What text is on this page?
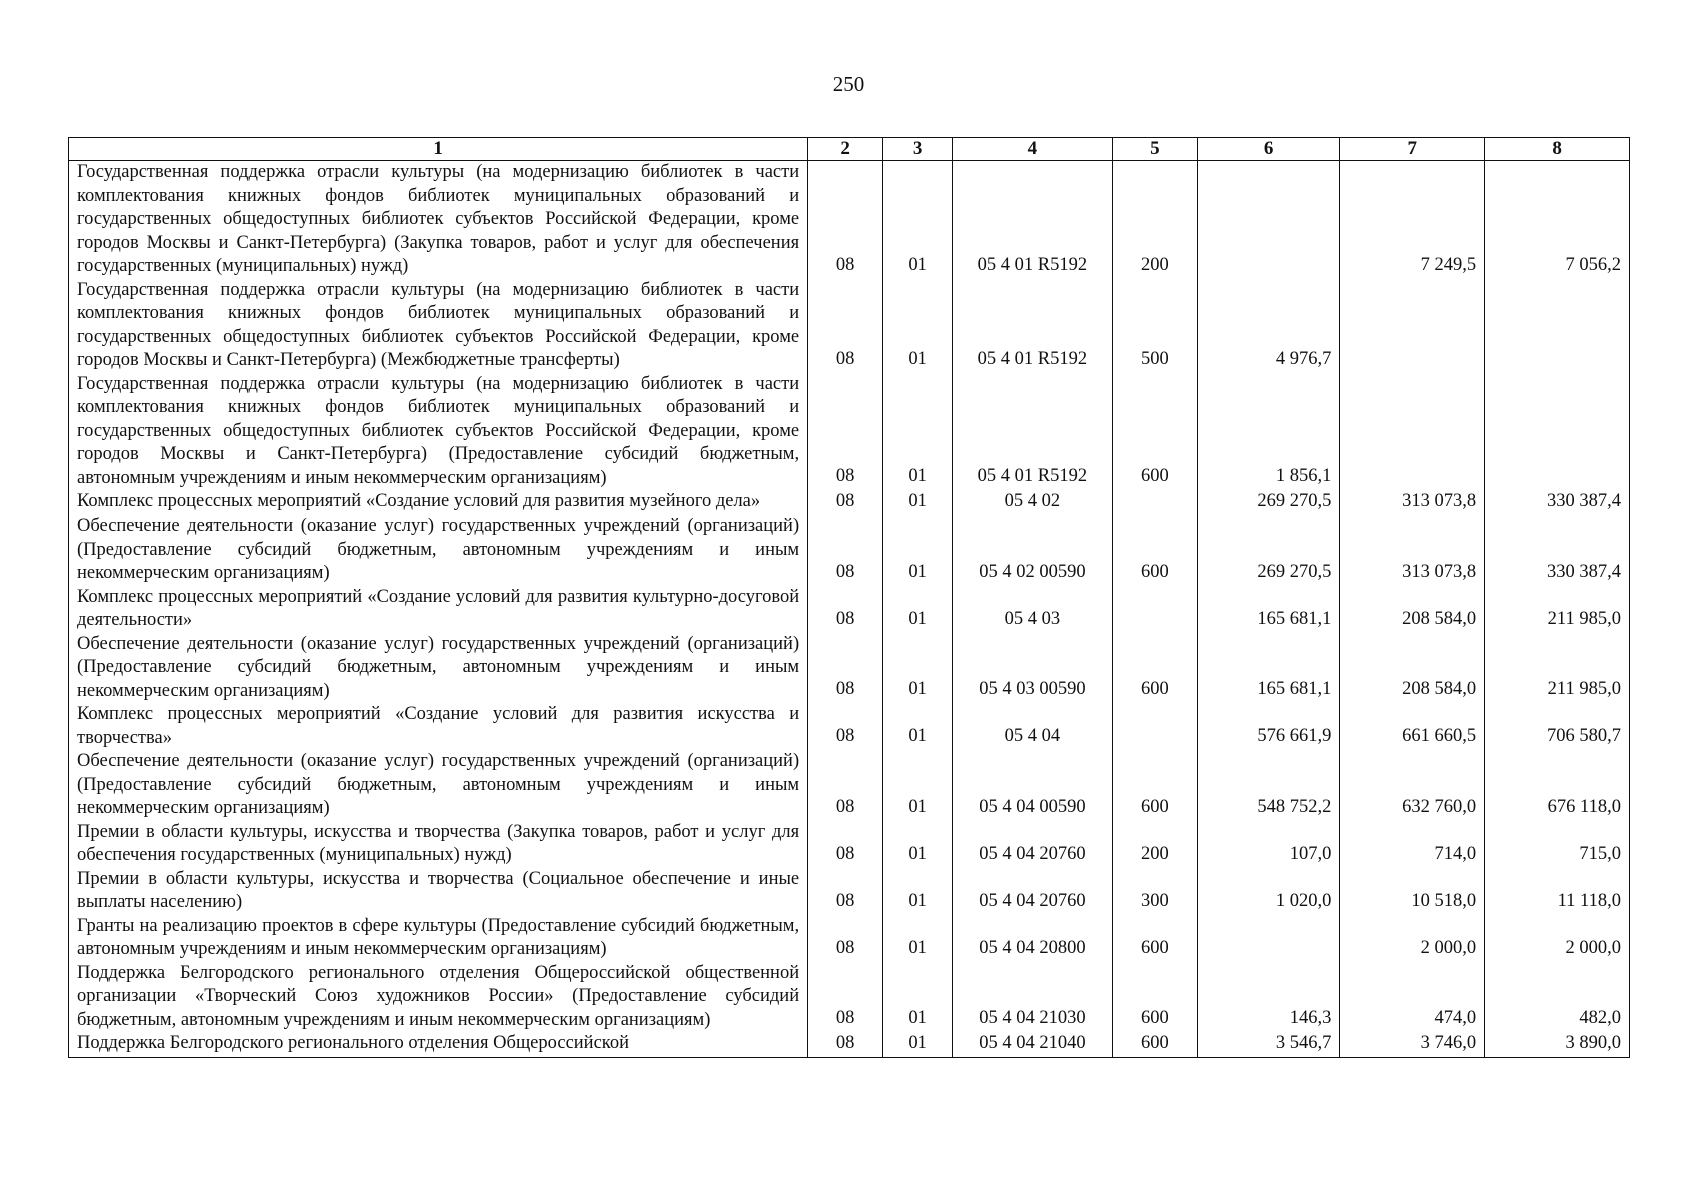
250
1	2	3	4	5	6	7	8
Государственная поддержка отрасли культуры (на модернизацию библиотек в части комплектования книжных фондов библиотек муниципальных образований и государственных общедоступных библиотек субъектов Российской Федерации, кроме городов Москвы и Санкт-Петербурга) (Закупка товаров, работ и услуг для обеспечения государственных (муниципальных) нужд)	08	01	05 4 01 R5192	200		7 249,5	7 056,2
Государственная поддержка отрасли культуры (на модернизацию библиотек в части комплектования книжных фондов библиотек муниципальных образований и государственных общедоступных библиотек субъектов Российской Федерации, кроме городов Москвы и Санкт-Петербурга) (Межбюджетные трансферты)	08	01	05 4 01 R5192	500	4 976,7		
Государственная поддержка отрасли культуры (на модернизацию библиотек в части комплектования книжных фондов библиотек муниципальных образований и государственных общедоступных библиотек субъектов Российской Федерации, кроме городов Москвы и Санкт-Петербурга) (Предоставление субсидий бюджетным, автономным учреждениям и иным некоммерческим организациям)	08	01	05 4 01 R5192	600	1 856,1		
Комплекс процессных мероприятий «Создание условий для развития музейного дела»	08	01	05 4 02		269 270,5	313 073,8	330 387,4
Обеспечение деятельности (оказание услуг) государственных учреждений (организаций) (Предоставление субсидий бюджетным, автономным учреждениям и иным некоммерческим организациям)	08	01	05 4 02 00590	600	269 270,5	313 073,8	330 387,4
Комплекс процессных мероприятий «Создание условий для развития культурно-досуговой деятельности»	08	01	05 4 03		165 681,1	208 584,0	211 985,0
Обеспечение деятельности (оказание услуг) государственных учреждений (организаций) (Предоставление субсидий бюджетным, автономным учреждениям и иным некоммерческим организациям)	08	01	05 4 03 00590	600	165 681,1	208 584,0	211 985,0
Комплекс процессных мероприятий «Создание условий для развития искусства и творчества»	08	01	05 4 04		576 661,9	661 660,5	706 580,7
Обеспечение деятельности (оказание услуг) государственных учреждений (организаций) (Предоставление субсидий бюджетным, автономным учреждениям и иным некоммерческим организациям)	08	01	05 4 04 00590	600	548 752,2	632 760,0	676 118,0
Премии в области культуры, искусства и творчества (Закупка товаров, работ и услуг для обеспечения государственных (муниципальных) нужд)	08	01	05 4 04 20760	200	107,0	714,0	715,0
Премии в области культуры, искусства и творчества (Социальное обеспечение и иные выплаты населению)	08	01	05 4 04 20760	300	1 020,0	10 518,0	11 118,0
Гранты на реализацию проектов в сфере культуры (Предоставление субсидий бюджетным, автономным учреждениям и иным некоммерческим организациям)	08	01	05 4 04 20800	600		2 000,0	2 000,0
Поддержка Белгородского регионального отделения Общероссийской общественной организации «Творческий Союз художников России» (Предоставление субсидий бюджетным, автономным учреждениям и иным некоммерческим организациям)	08	01	05 4 04 21030	600	146,3	474,0	482,0
Поддержка Белгородского регионального отделения Общероссийской	08	01	05 4 04 21040	600	3 546,7	3 746,0	3 890,0
